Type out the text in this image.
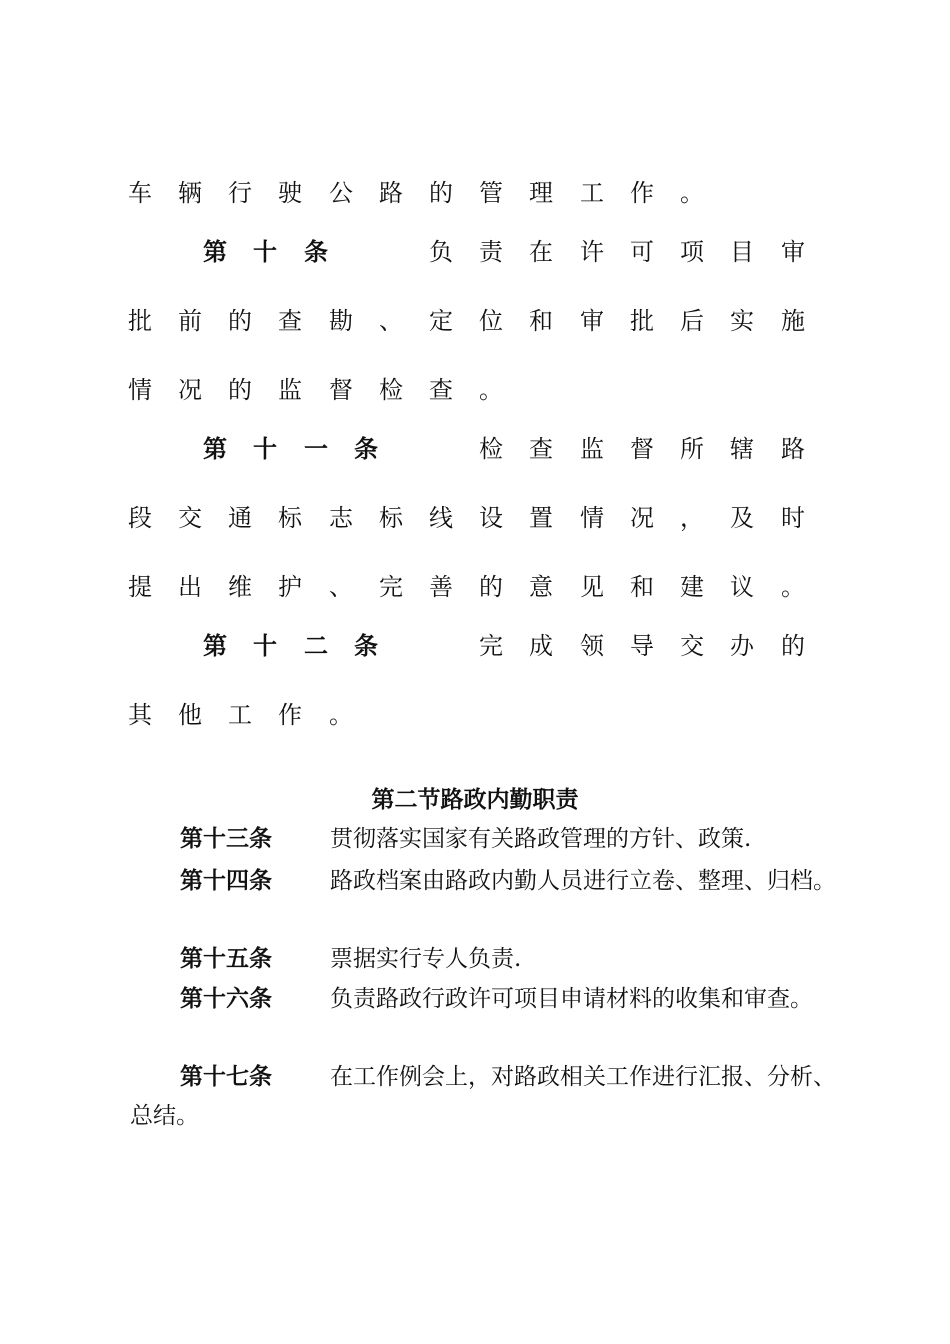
车 辆 行 驶 公 路 的 管 理 工 作 。
第 十 条	负 责 在 许 可 项 目 审
批 前 的 查 勘 、 定 位 和 审 批 后 实 施
情 况 的 监 督 检 查 。
第 十 一 条	检 查 监 督 所 辖 路
段 交 通 标 志 标 线 设 置 情 况 ， 及 时
提 出 维 护 、 完 善 的 意 见 和 建 议 。
第 十 二 条	完 成 领 导 交 办 的
其 他 工 作 。
第二节路政内勤职责
第十三条	贯彻落实国家有关路政管理的方针、政策.
第十四条	路政档案由路政内勤人员进行立卷、整理、归档。
第十五条	票据实行专人负责.
第十六条	负责路政行政许可项目申请材料的收集和审查。
第十七条	在工作例会上，对路政相关工作进行汇报、分析、总结。
